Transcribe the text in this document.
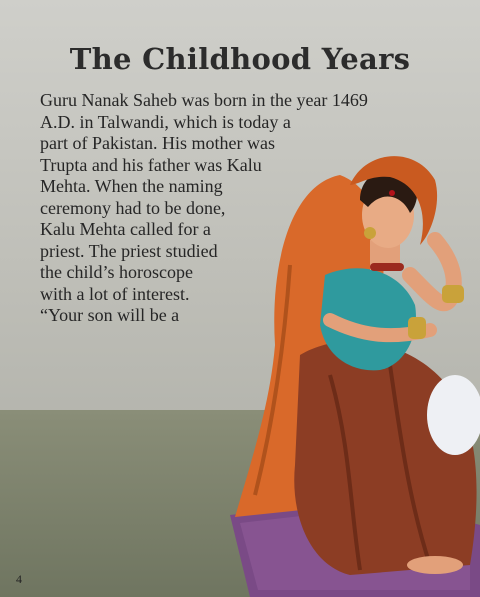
The Childhood Years
Guru Nanak Saheb was born in the year 1469
A.D. in Talwandi, which is today a
part of Pakistan. His mother was
Trupta and his father was Kalu
Mehta. When the naming
ceremony had to be done,
Kalu Mehta called for a
priest. The priest studied
the child’s horoscope
with a lot of interest.
“Your son will be a
4
